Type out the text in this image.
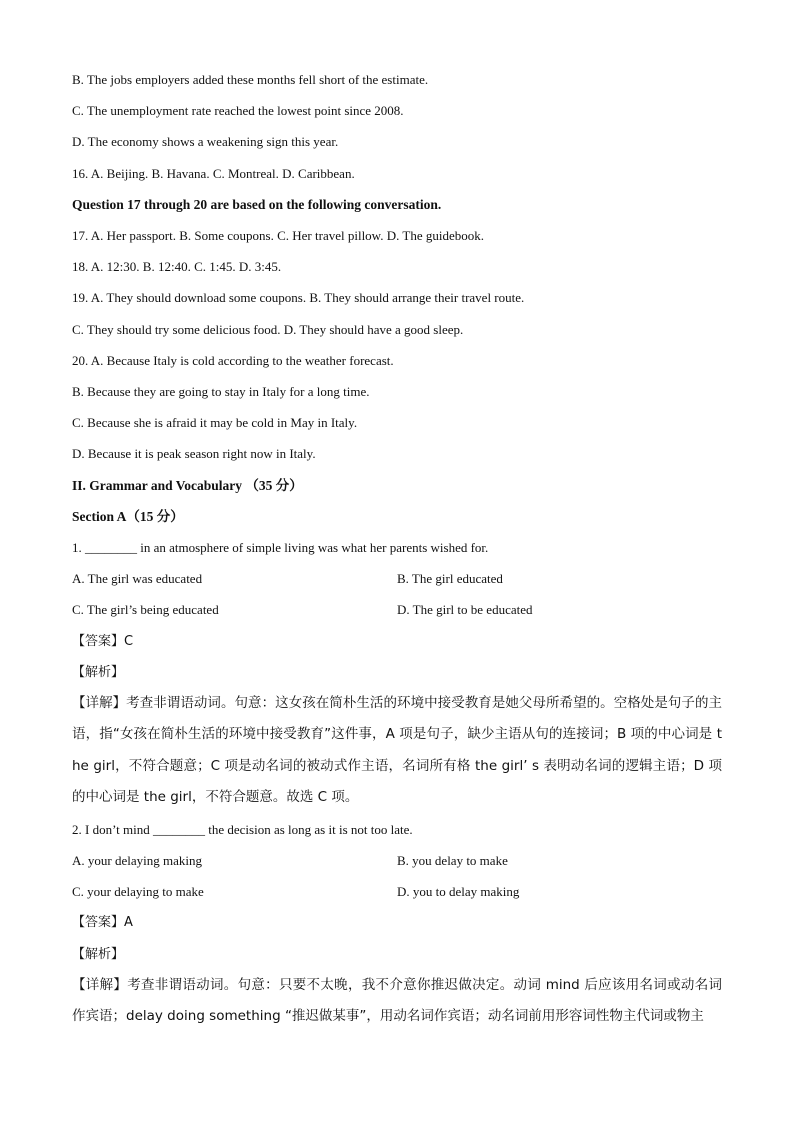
B. The jobs employers added these months fell short of the estimate.
C. The unemployment rate reached the lowest point since 2008.
D. The economy shows a weakening sign this year.
16. A. Beijing. B. Havana. C. Montreal. D. Caribbean.
Question 17 through 20 are based on the following conversation.
17. A. Her passport. B. Some coupons. C. Her travel pillow. D. The guidebook.
18. A. 12:30. B. 12:40. C. 1:45. D. 3:45.
19. A. They should download some coupons. B. They should arrange their travel route.
C. They should try some delicious food. D. They should have a good sleep.
20. A. Because Italy is cold according to the weather forecast.
B. Because they are going to stay in Italy for a long time.
C. Because she is afraid it may be cold in May in Italy.
D. Because it is peak season right now in Italy.
II. Grammar and Vocabulary （35 分）
Section A（15 分）
1. ________ in an atmosphere of simple living was what her parents wished for.
A. The girl was educated	B. The girl educated
C. The girl’s being educated	D. The girl to be educated
【答案】C
【解析】
【详解】考查非谓语动词。句意：这女孩在简朴生活的环境中接受教育是她父母所希望的。空格处是句子的主语，指“女孩在简朴生活的环境中接受教育”这件事，A 项是句子，缺少主语从句的连接词；B 项的中心词是 the girl，不符合题意；C 项是动名词的被动式作主语，名词所有格 the girl’ s 表明动名词的逻辑主语；D 项的中心词是 the girl，不符合题意。故选 C 项。
2. I don’t mind ________ the decision as long as it is not too late.
A. your delaying making	B. you delay to make
C. your delaying to make	D. you to delay making
【答案】A
【解析】
【详解】考查非谓语动词。句意：只要不太晚，我不介意你推迟做决定。动词 mind 后应该用名词或动名词作宾语；delay doing something “推迟做某事”，用动名词作宾语；动名词前用形容词性物主代词或物主
